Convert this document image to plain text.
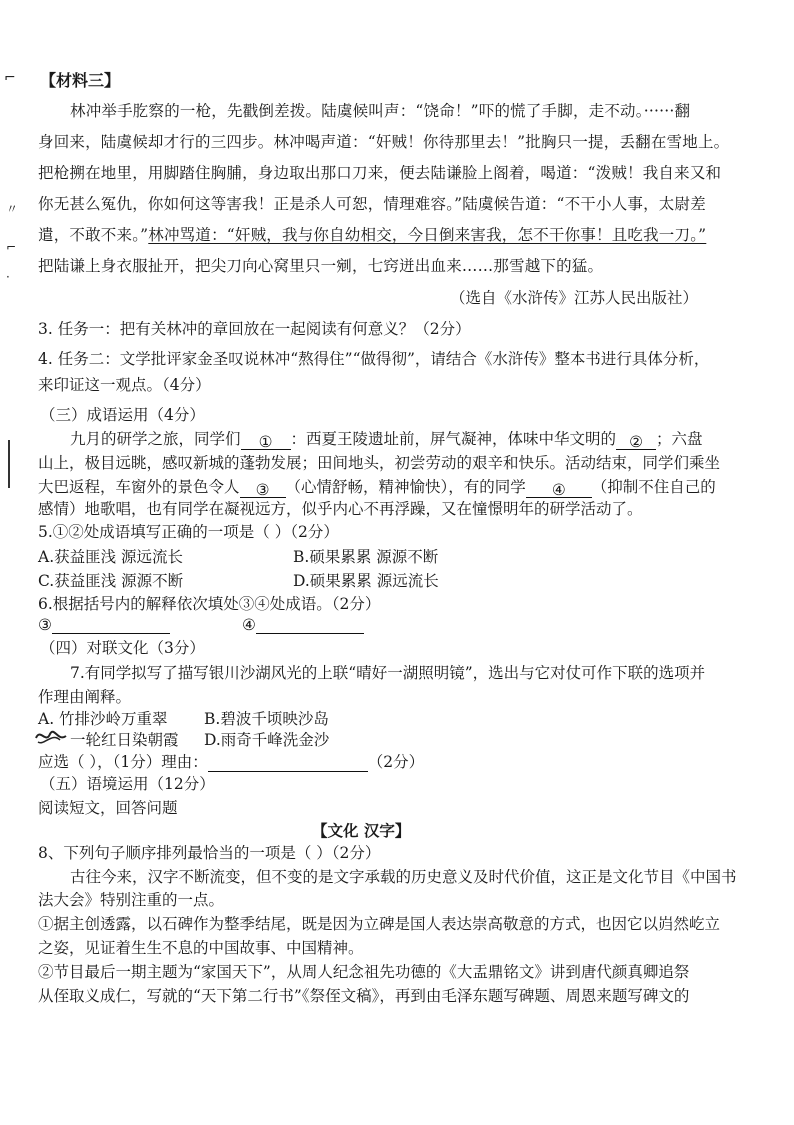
⌐
〃
⌐
·
【材料三】
林冲举手肐察的一枪，先戳倒差拨。陆虞候叫声：“饶命！”吓的慌了手脚，走不动。······翻
身回来，陆虞候却才行的三四步。林冲喝声道：“奸贼！你待那里去！”批胸只一提，丢翻在雪地上。
把枪搠在地里，用脚踏住胸脯，身边取出那口刀来，便去陆谦脸上阁着，喝道：“泼贼！我自来又和
你无甚么冤仇，你如何这等害我！正是杀人可恕，情理难容。”陆虞候告道：“不干小人事，太尉差
遣，不敢不来。”林冲骂道：“奸贼，我与你自幼相交，今日倒来害我，怎不干你事！且吃我一刀。”
把陆谦上身衣服扯开，把尖刀向心窝里只一剜，七窍迸出血来……那雪越下的猛。
（选自《水浒传》江苏人民出版社）
3. 任务一：把有关林冲的章回放在一起阅读有何意义？（2分）
4. 任务二：文学批评家金圣叹说林冲“熬得住”“做得彻”，请结合《水浒传》整本书进行具体分析，
来印证这一观点。（4分）
（三）成语运用（4分）
九月的研学之旅，同学们 ① ：西夏王陵遗址前，屏气凝神，体味中华文明的 ② ；六盘
山上，极目远眺，感叹新城的蓬勃发展；田间地头，初尝劳动的艰辛和快乐。活动结束，同学们乘坐
大巴返程，车窗外的景色令人 ③ （心情舒畅，精神愉快），有的同学 ④ （抑制不住自己的
感情）地歌唱，也有同学在凝视远方，似乎内心不再浮躁，又在憧憬明年的研学活动了。
5.①②处成语填写正确的一项是（ ）（2分）
A.获益匪浅 源远流长	B.硕果累累 源源不断
C.获益匪浅 源源不断	D.硕果累累 源远流长
6.根据括号内的解释依次填处③④处成语。（2分）
③	④
（四）对联文化（3分）
7.有同学拟写了描写银川沙湖风光的上联“晴好一湖照明镜”，选出与它对仗可作下联的选项并
作理由阐释。
A. 竹排沙岭万重翠 B.碧波千顷映沙岛
一轮红日染朝霞 D.雨奇千峰洗金沙
应选（ ），（1分）理由：	（2分）
（五）语境运用（12分）
阅读短文，回答问题
【文化 汉字】
8、下列句子顺序排列最恰当的一项是（ ）（2分）
古往今来，汉字不断流变，但不变的是文字承载的历史意义及时代价值，这正是文化节目《中国书
法大会》特别注重的一点。
①据主创透露，以石碑作为整季结尾，既是因为立碑是国人表达崇高敬意的方式，也因它以岿然屹立
之姿，见证着生生不息的中国故事、中国精神。
②节目最后一期主题为“家国天下”，从周人纪念祖先功德的《大盂鼎铭文》讲到唐代颜真卿追祭
从侄取义成仁，写就的“天下第二行书”《祭侄文稿》，再到由毛泽东题写碑题、周恩来题写碑文的
